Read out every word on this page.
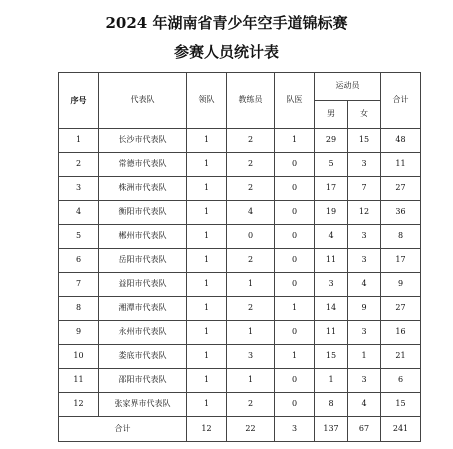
2024 年湖南省青少年空手道锦标赛
参赛人员统计表
序号	代表队	领队	教练员	队医	运动员		合计
					男	女	
1	长沙市代表队	1	2	1	29	15	48
2	常德市代表队	1	2	0	5	3	11
3	株洲市代表队	1	2	0	17	7	27
4	衡阳市代表队	1	4	0	19	12	36
5	郴州市代表队	1	0	0	4	3	8
6	岳阳市代表队	1	2	0	11	3	17
7	益阳市代表队	1	1	0	3	4	9
8	湘潭市代表队	1	2	1	14	9	27
9	永州市代表队	1	1	0	11	3	16
10	娄底市代表队	1	3	1	15	1	21
11	邵阳市代表队	1	1	0	1	3	6
12	张家界市代表队	1	2	0	8	4	15
合计		12	22	3	137	67	241
